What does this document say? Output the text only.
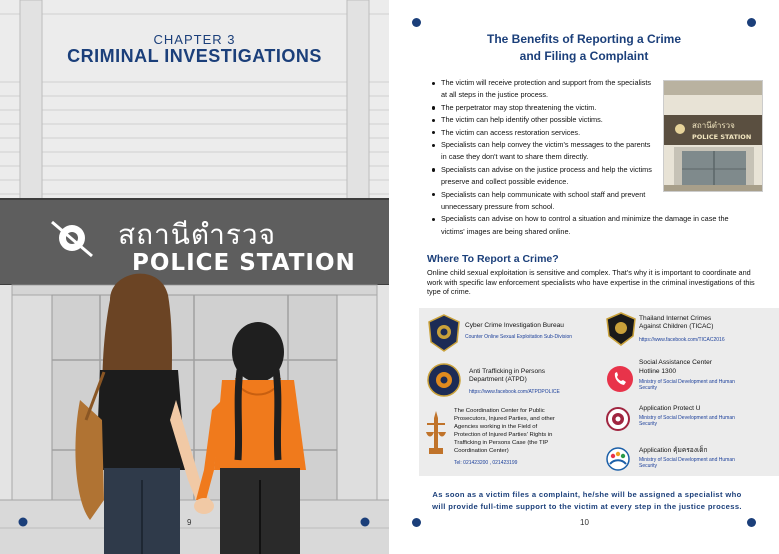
CHAPTER 3
CRIMINAL INVESTIGATIONS
สถานีตำรวจ
POLICE STATION
9
The Benefits of Reporting a Crime
and Filing a Complaint
The victim will receive protection and support from the specialists at all steps in the justice process.
The perpetrator may stop threatening the victim.
The victim can help identify other possible victims.
The victim can access restoration services.
Specialists can help convey the victim's messages to the parents in case they don't want to share them directly.
Specialists can advise on the justice process and help the victims preserve and collect possible evidence.
Specialists can help communicate with school staff and prevent unnecessary pressure from school.
Specialists can advise on how to control a situation and minimize the damage in case the victims' images are being shared online.
สถานีตำรวจ
POLICE STATION
Where To Report a Crime?
Online child sexual exploitation is sensitive and complex. That's why it is important to coordinate and work with specific law enforcement specialists who have expertise in the criminal investigations of this type of crime.
Cyber Crime Investigation Bureau
Counter Online Sexual Exploitation Sub-Division
Thailand Internet Crimes
Against Children (TICAC)
https://www.facebook.com/TICAC2016
Anti Trafficking in Persons
Department (ATPD)
https://www.facebook.com/ATPDPOLICE
Social Assistance Center
Hotline 1300
Ministry of Social Development and Human
Security
The Coordination Center for Public
Prosecutors, Injured Parties, and other
Agencies working in the Field of
Protection of Injured Parties' Rights in
Trafficking in Persons Case (the TIP
Coordination Center)
Tel: 021423200 , 021423199
Application Protect U
Ministry of Social Development and Human
Security
Application คุ้มครองเด็ก
Ministry of Social Development and Human
Security
As soon as a victim files a complaint, he/she will be assigned a specialist who
will provide full-time support to the victim at every step in the justice process.
10
